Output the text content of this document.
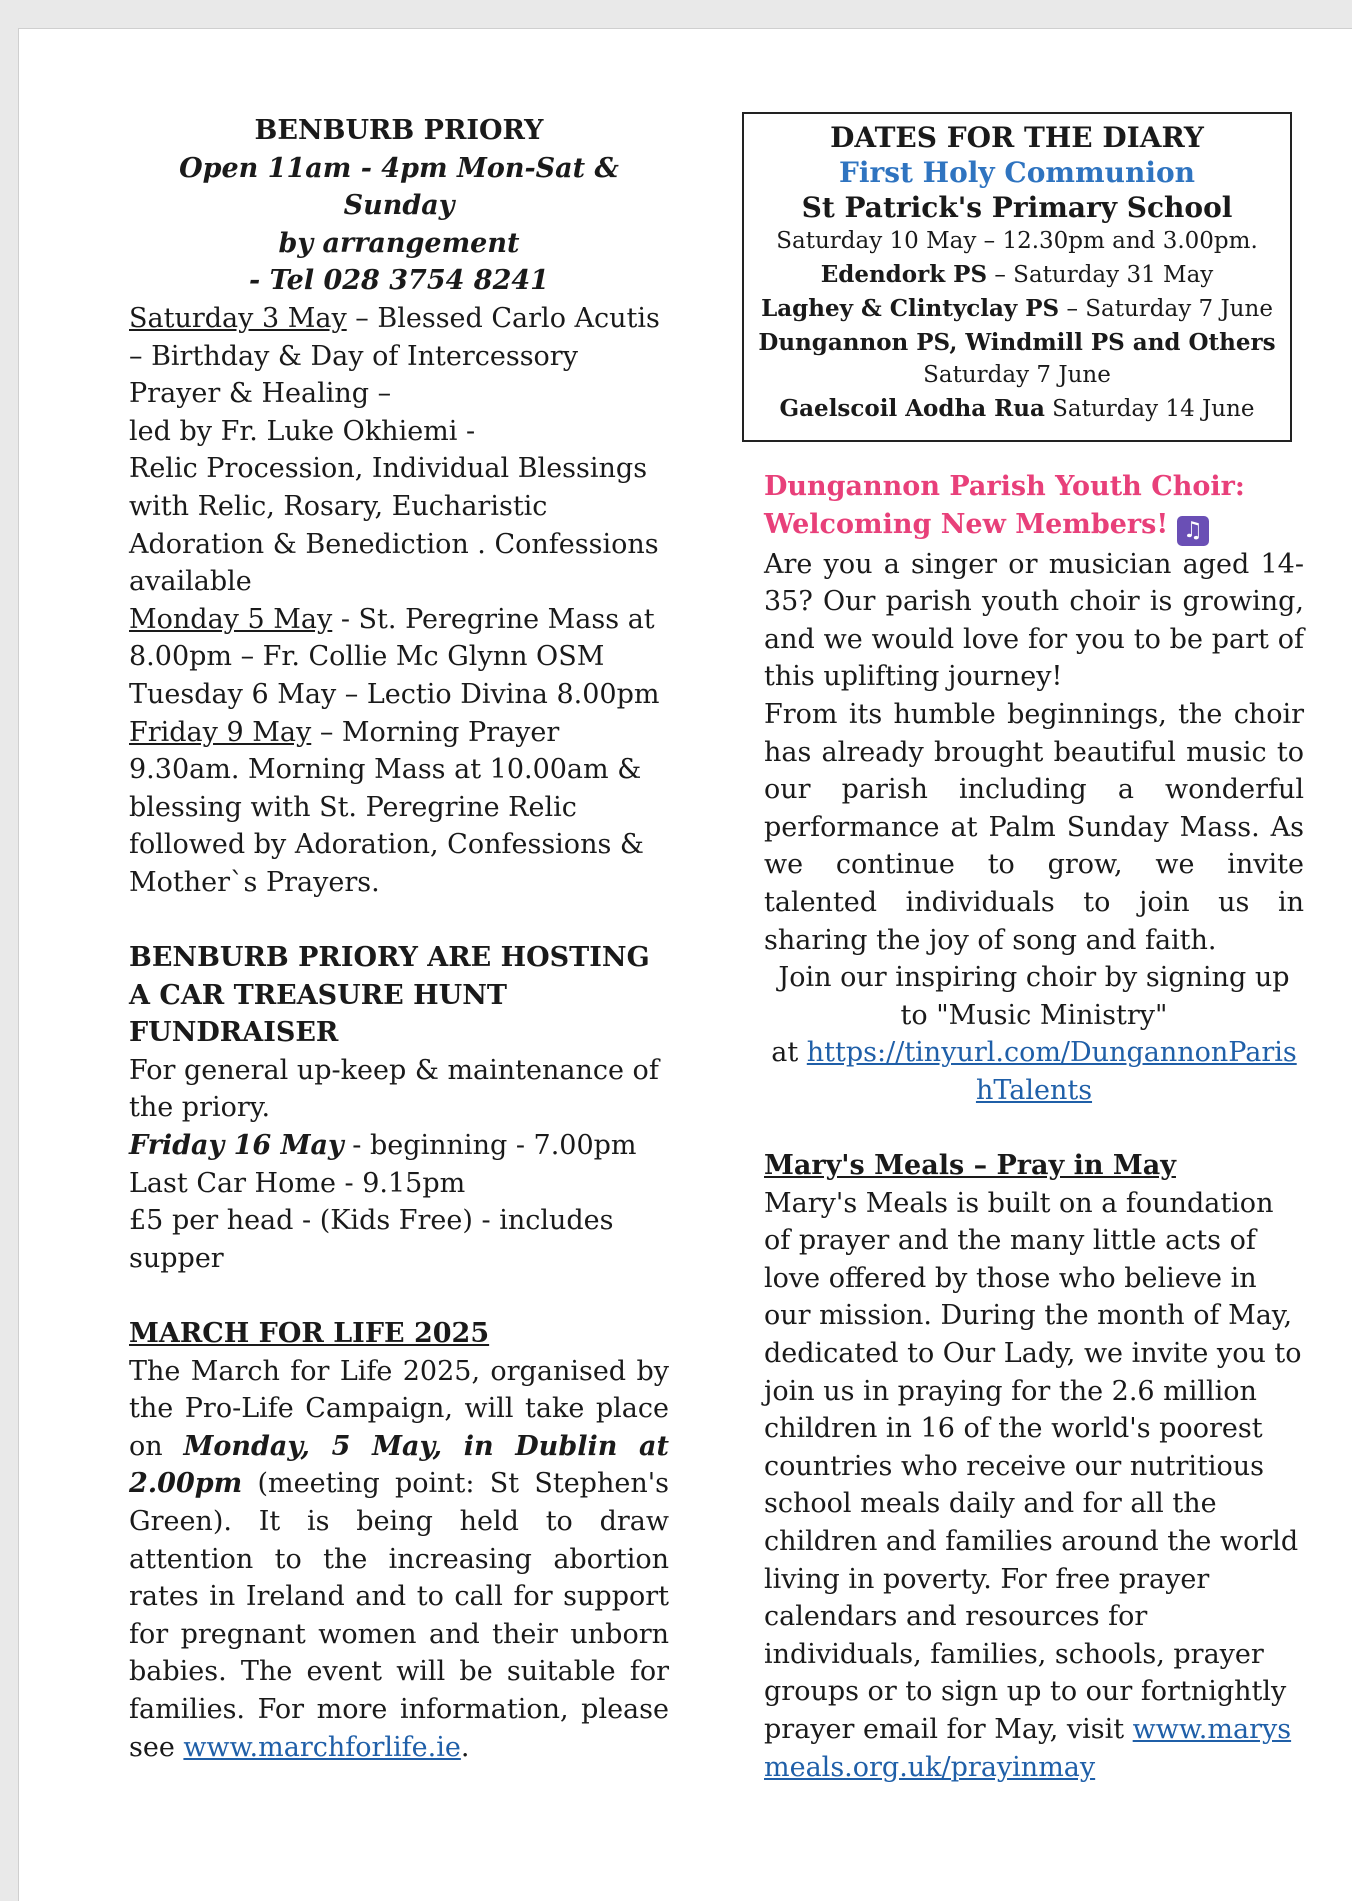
BENBURB PRIORY

Open 11am - 4pm Mon-Sat & Sunday

by arrangement

- Tel 028 3754 8241

Saturday 3 May – Blessed Carlo Acutis – Birthday & Day of Intercessory Prayer & Healing –

led by Fr. Luke Okhiemi -

Relic Procession, Individual Blessings with Relic, Rosary, Eucharistic Adoration & Benediction . Confessions available

Monday 5 May - St. Peregrine Mass at 8.00pm – Fr. Collie Mc Glynn OSM

Tuesday 6 May – Lectio Divina 8.00pm

Friday 9 May – Morning Prayer 9.30am. Morning Mass at 10.00am & blessing with St. Peregrine Relic followed by Adoration, Confessions & Mother`s Prayers.

BENBURB PRIORY ARE HOSTING A CAR TREASURE HUNT FUNDRAISER

For general up-keep & maintenance of the priory.

Friday 16 May - beginning - 7.00pm

Last Car Home - 9.15pm

£5 per head - (Kids Free) - includes supper

MARCH FOR LIFE 2025

The March for Life 2025, organised by the Pro-Life Campaign, will take place on Monday, 5 May, in Dublin at 2.00pm (meeting point: St Stephen's Green). It is being held to draw attention to the increasing abortion rates in Ireland and to call for support for pregnant women and their unborn babies. The event will be suitable for families. For more information, please see www.marchforlife.ie.

DATES FOR THE DIARY

First Holy Communion

St Patrick's Primary School

Saturday 10 May – 12.30pm and 3.00pm.

Edendork PS – Saturday 31 May

Laghey & Clintyclay PS – Saturday 7 June

Dungannon PS, Windmill PS and Others

Saturday 7 June

Gaelscoil Aodha Rua Saturday 14 June

Dungannon Parish Youth Choir:

Welcoming New Members! ♫

Are you a singer or musician aged 14-35? Our parish youth choir is growing, and we would love for you to be part of this uplifting journey!

From its humble beginnings, the choir has already brought beautiful music to our parish including a wonderful performance at Palm Sunday Mass. As we continue to grow, we invite talented individuals to join us in sharing the joy of song and faith.

Join our inspiring choir by signing up to "Music Ministry"

at https://tinyurl.com/DungannonParishTalents

Mary's Meals – Pray in May

Mary's Meals is built on a foundation of prayer and the many little acts of love offered by those who believe in our mission. During the month of May, dedicated to Our Lady, we invite you to join us in praying for the 2.6 million children in 16 of the world's poorest countries who receive our nutritious school meals daily and for all the children and families around the world living in poverty. For free prayer calendars and resources for individuals, families, schools, prayer groups or to sign up to our fortnightly prayer email for May, visit www.marysmeals.org.uk/prayinmay
